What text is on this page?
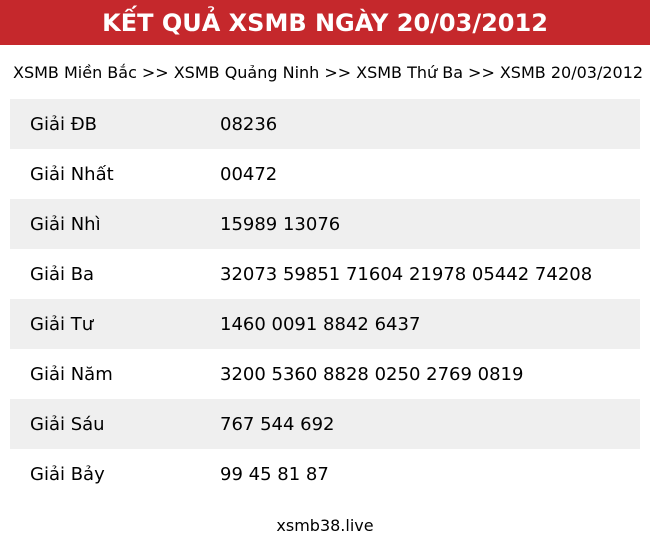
KẾT QUẢ XSMB NGÀY 20/03/2012
XSMB Miền Bắc >> XSMB Quảng Ninh >> XSMB Thứ Ba >> XSMB 20/03/2012
Giải ĐB	08236
Giải Nhất	00472
Giải Nhì	15989 13076
Giải Ba	32073 59851 71604 21978 05442 74208
Giải Tư	1460 0091 8842 6437
Giải Năm	3200 5360 8828 0250 2769 0819
Giải Sáu	767 544 692
Giải Bảy	99 45 81 87
xsmb38.live
